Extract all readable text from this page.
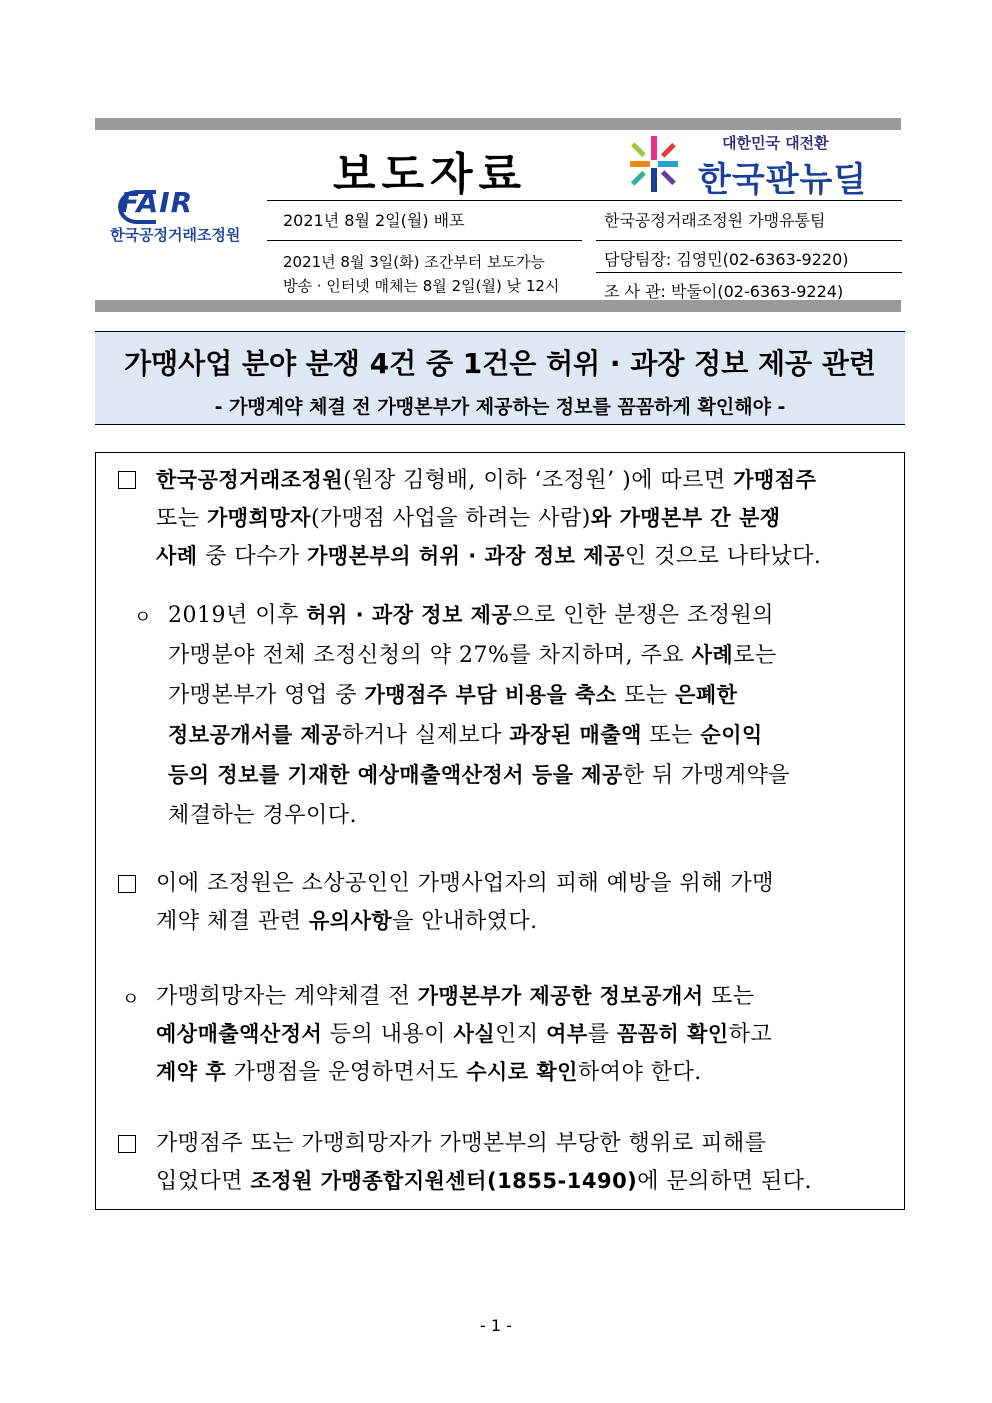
FAIR
한국공정거래조정원
보도자료
대한민국 대전환
한국판뉴딜
2021년 8월 2일(월) 배포
2021년 8월 3일(화) 조간부터 보도가능
방송 · 인터넷 매체는 8월 2일(월) 낮 12시
한국공정거래조정원 가맹유통팀
담당팀장: 김영민(02-6363-9220)
조 사 관: 박둘이(02-6363-9224)
가맹사업 분야 분쟁 4건 중 1건은 허위 · 과장 정보 제공 관련
- 가맹계약 체결 전 가맹본부가 제공하는 정보를 꼼꼼하게 확인해야 -
한국공정거래조정원(원장 김형배, 이하 ‘조정원’ )에 따르면 가맹점주
또는 가맹희망자(가맹점 사업을 하려는 사람)와 가맹본부 간 분쟁
사례 중 다수가 가맹본부의 허위 · 과장 정보 제공인 것으로 나타났다.
ㅇ 2019년 이후 허위 · 과장 정보 제공으로 인한 분쟁은 조정원의
가맹분야 전체 조정신청의 약 27%를 차지하며, 주요 사례로는
가맹본부가 영업 중 가맹점주 부담 비용을 축소 또는 은폐한
정보공개서를 제공하거나 실제보다 과장된 매출액 또는 순이익
등의 정보를 기재한 예상매출액산정서 등을 제공한 뒤 가맹계약을
체결하는 경우이다.
이에 조정원은 소상공인인 가맹사업자의 피해 예방을 위해 가맹
계약 체결 관련 유의사항을 안내하였다.
ㅇ 가맹희망자는 계약체결 전 가맹본부가 제공한 정보공개서 또는
예상매출액산정서 등의 내용이 사실인지 여부를 꼼꼼히 확인하고
계약 후 가맹점을 운영하면서도 수시로 확인하여야 한다.
가맹점주 또는 가맹희망자가 가맹본부의 부당한 행위로 피해를
입었다면 조정원 가맹종합지원센터(1855-1490)에 문의하면 된다.
- 1 -
